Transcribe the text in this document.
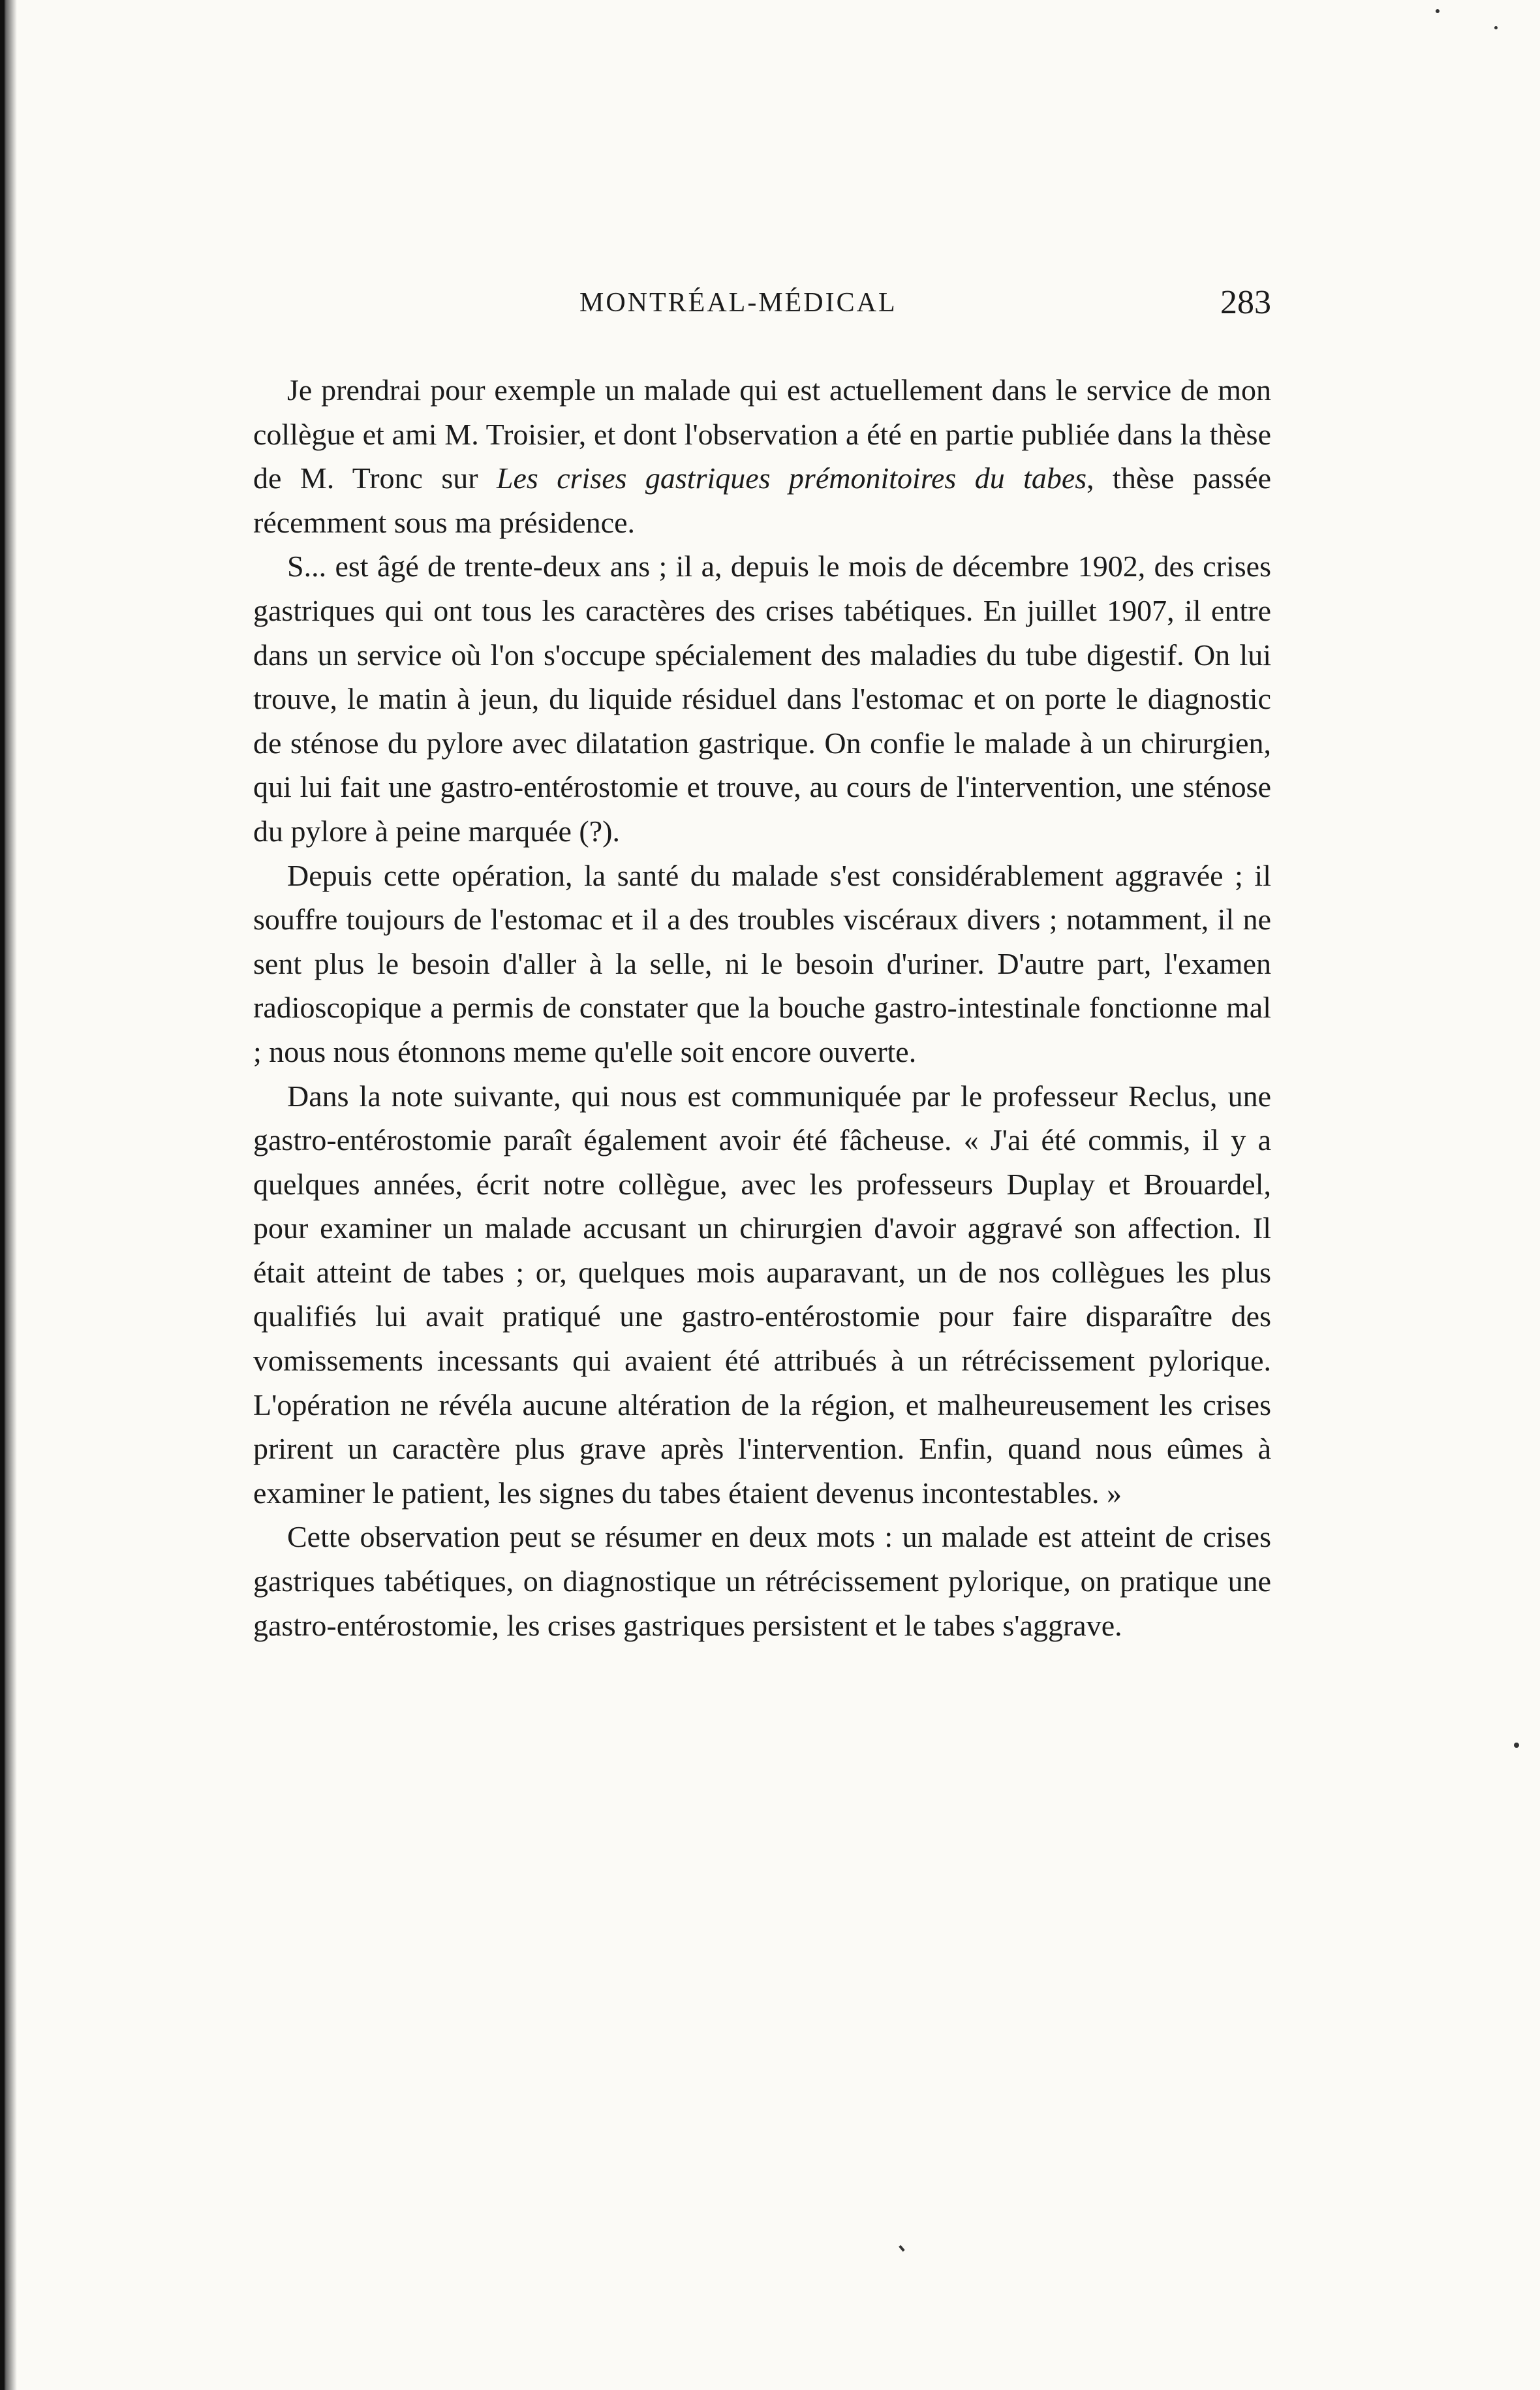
MONTRÉAL-MÉDICAL	283

Je prendrai pour exemple un malade qui est actuellement dans le service de mon collègue et ami M. Troisier, et dont l'observation a été en partie publiée dans la thèse de M. Tronc sur Les crises gastriques prémonitoires du tabes, thèse passée récemment sous ma présidence.

S... est âgé de trente-deux ans ; il a, depuis le mois de décembre 1902, des crises gastriques qui ont tous les caractères des crises tabétiques. En juillet 1907, il entre dans un service où l'on s'occupe spécialement des maladies du tube digestif. On lui trouve, le matin à jeun, du liquide résiduel dans l'estomac et on porte le diagnostic de sténose du pylore avec dilatation gastrique. On confie le malade à un chirurgien, qui lui fait une gastro-entérostomie et trouve, au cours de l'intervention, une sténose du pylore à peine marquée (?).

Depuis cette opération, la santé du malade s'est considérablement aggravée ; il souffre toujours de l'estomac et il a des troubles viscéraux divers ; notamment, il ne sent plus le besoin d'aller à la selle, ni le besoin d'uriner. D'autre part, l'examen radioscopique a permis de constater que la bouche gastro-intestinale fonctionne mal ; nous nous étonnons meme qu'elle soit encore ouverte.

Dans la note suivante, qui nous est communiquée par le professeur Reclus, une gastro-entérostomie paraît également avoir été fâcheuse. « J'ai été commis, il y a quelques années, écrit notre collègue, avec les professeurs Duplay et Brouardel, pour examiner un malade accusant un chirurgien d'avoir aggravé son affection. Il était atteint de tabes ; or, quelques mois auparavant, un de nos collègues les plus qualifiés lui avait pratiqué une gastro-entérostomie pour faire disparaître des vomissements incessants qui avaient été attribués à un rétrécissement pylorique. L'opération ne révéla aucune altération de la région, et malheureusement les crises prirent un caractère plus grave après l'intervention. Enfin, quand nous eûmes à examiner le patient, les signes du tabes étaient devenus incontestables. »

Cette observation peut se résumer en deux mots : un malade est atteint de crises gastriques tabétiques, on diagnostique un rétrécissement pylorique, on pratique une gastro-entérostomie, les crises gastriques persistent et le tabes s'aggrave.
